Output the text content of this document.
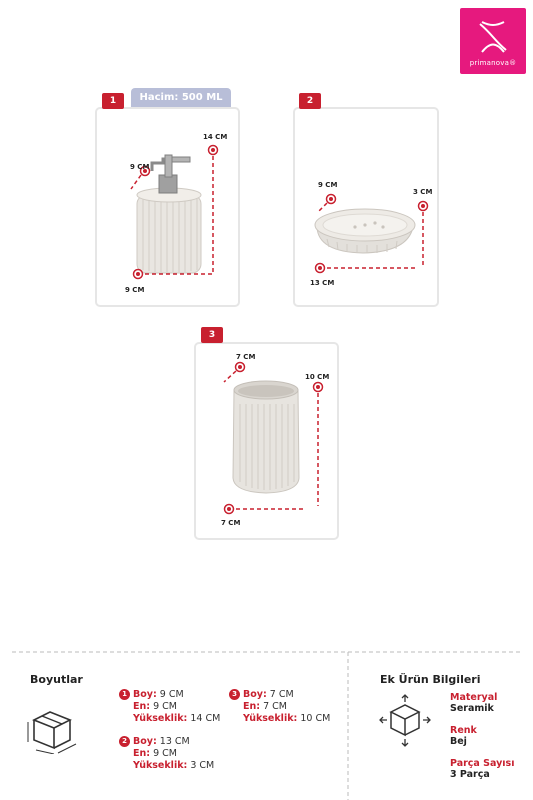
primanova®
Hacim: 500 ML
1
14 CM
9 CM
9 CM
2
9 CM
3 CM
13 CM
3
7 CM
10 CM
7 CM
Boyutlar
1 Boy: 9 CM
En: 9 CM
Yükseklik: 14 CM
2 Boy: 13 CM
En: 9 CM
Yükseklik: 3 CM
3 Boy: 7 CM
En: 7 CM
Yükseklik: 10 CM
Ek Ürün Bilgileri
Materyal
Seramik
Renk
Bej
Parça Sayısı
3 Parça
